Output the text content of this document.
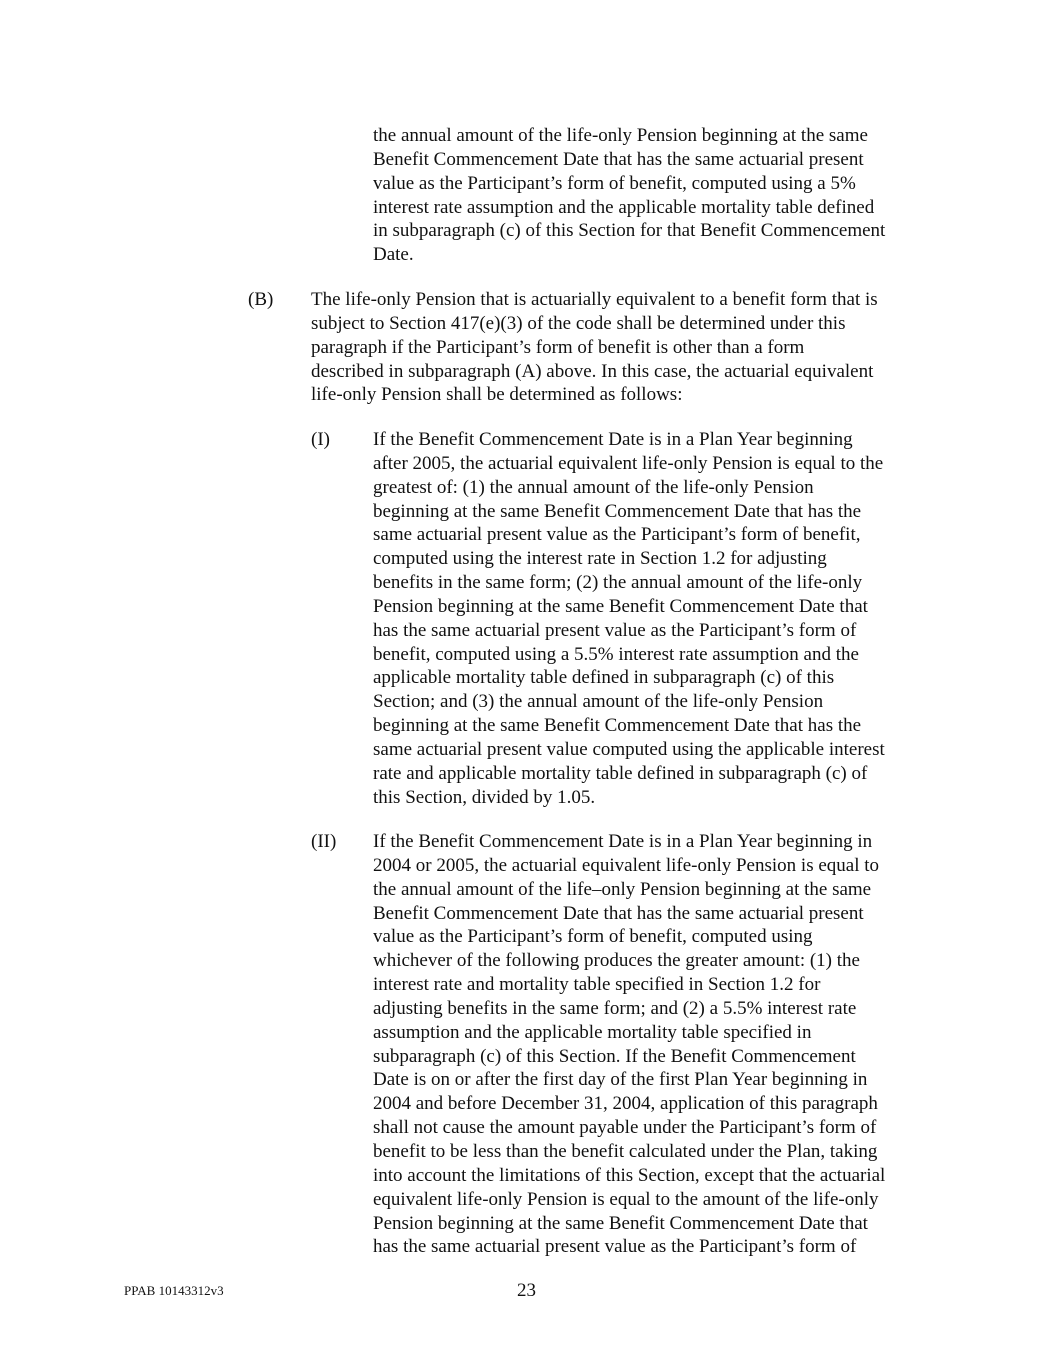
the annual amount of the life-only Pension beginning at the same
Benefit Commencement Date that has the same actuarial present
value as the Participant’s form of benefit, computed using a 5%
interest rate assumption and the applicable mortality table defined
in subparagraph (c) of this Section for that Benefit Commencement
Date.
(B) The life-only Pension that is actuarially equivalent to a benefit form that is
subject to Section 417(e)(3) of the code shall be determined under this
paragraph if the Participant’s form of benefit is other than a form
described in subparagraph (A) above. In this case, the actuarial equivalent
life-only Pension shall be determined as follows:
(I) If the Benefit Commencement Date is in a Plan Year beginning
after 2005, the actuarial equivalent life-only Pension is equal to the
greatest of: (1) the annual amount of the life-only Pension
beginning at the same Benefit Commencement Date that has the
same actuarial present value as the Participant’s form of benefit,
computed using the interest rate in Section 1.2 for adjusting
benefits in the same form; (2) the annual amount of the life-only
Pension beginning at the same Benefit Commencement Date that
has the same actuarial present value as the Participant’s form of
benefit, computed using a 5.5% interest rate assumption and the
applicable mortality table defined in subparagraph (c) of this
Section; and (3) the annual amount of the life-only Pension
beginning at the same Benefit Commencement Date that has the
same actuarial present value computed using the applicable interest
rate and applicable mortality table defined in subparagraph (c) of
this Section, divided by 1.05.
(II) If the Benefit Commencement Date is in a Plan Year beginning in
2004 or 2005, the actuarial equivalent life-only Pension is equal to
the annual amount of the life–only Pension beginning at the same
Benefit Commencement Date that has the same actuarial present
value as the Participant’s form of benefit, computed using
whichever of the following produces the greater amount: (1) the
interest rate and mortality table specified in Section 1.2 for
adjusting benefits in the same form; and (2) a 5.5% interest rate
assumption and the applicable mortality table specified in
subparagraph (c) of this Section. If the Benefit Commencement
Date is on or after the first day of the first Plan Year beginning in
2004 and before December 31, 2004, application of this paragraph
shall not cause the amount payable under the Participant’s form of
benefit to be less than the benefit calculated under the Plan, taking
into account the limitations of this Section, except that the actuarial
equivalent life-only Pension is equal to the amount of the life-only
Pension beginning at the same Benefit Commencement Date that
has the same actuarial present value as the Participant’s form of
PPAB 10143312v3	23
